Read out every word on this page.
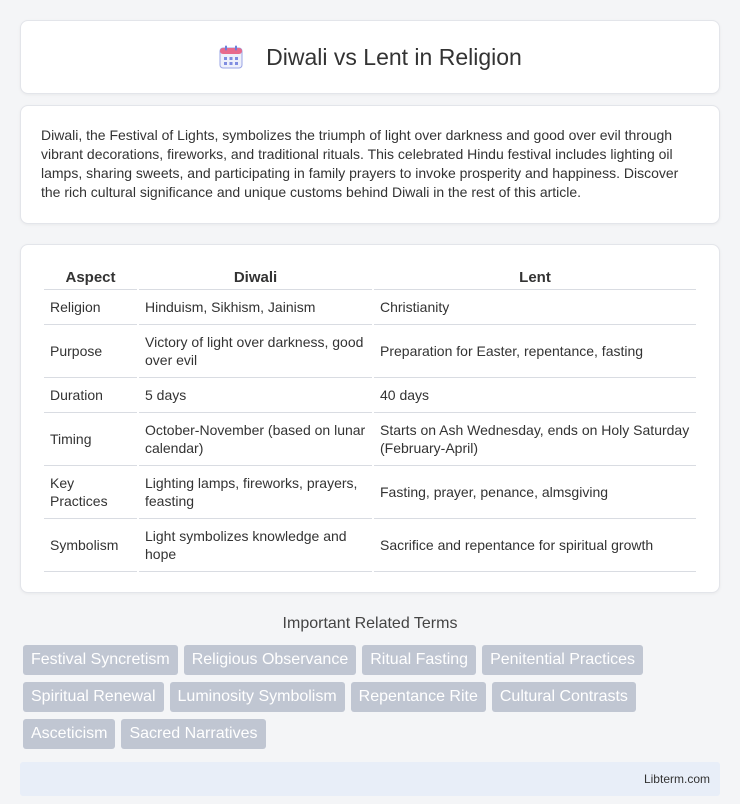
Diwali vs Lent in Religion

Diwali, the Festival of Lights, symbolizes the triumph of light over darkness and good over evil through vibrant decorations, fireworks, and traditional rituals. This celebrated Hindu festival includes lighting oil lamps, sharing sweets, and participating in family prayers to invoke prosperity and happiness. Discover the rich cultural significance and unique customs behind Diwali in the rest of this article.

Aspect	Diwali	Lent
Religion	Hinduism, Sikhism, Jainism	Christianity
Purpose	Victory of light over darkness, good over evil	Preparation for Easter, repentance, fasting
Duration	5 days	40 days
Timing	October-November (based on lunar calendar)	Starts on Ash Wednesday, ends on Holy Saturday (February-April)
Key Practices	Lighting lamps, fireworks, prayers, feasting	Fasting, prayer, penance, almsgiving
Symbolism	Light symbolizes knowledge and hope	Sacrifice and repentance for spiritual growth
Important Related Terms
Festival Syncretism	Religious Observance	Ritual Fasting	Penitential Practices
Spiritual Renewal	Luminosity Symbolism	Repentance Rite	Cultural Contrasts
Asceticism	Sacred Narratives
Libterm.com
